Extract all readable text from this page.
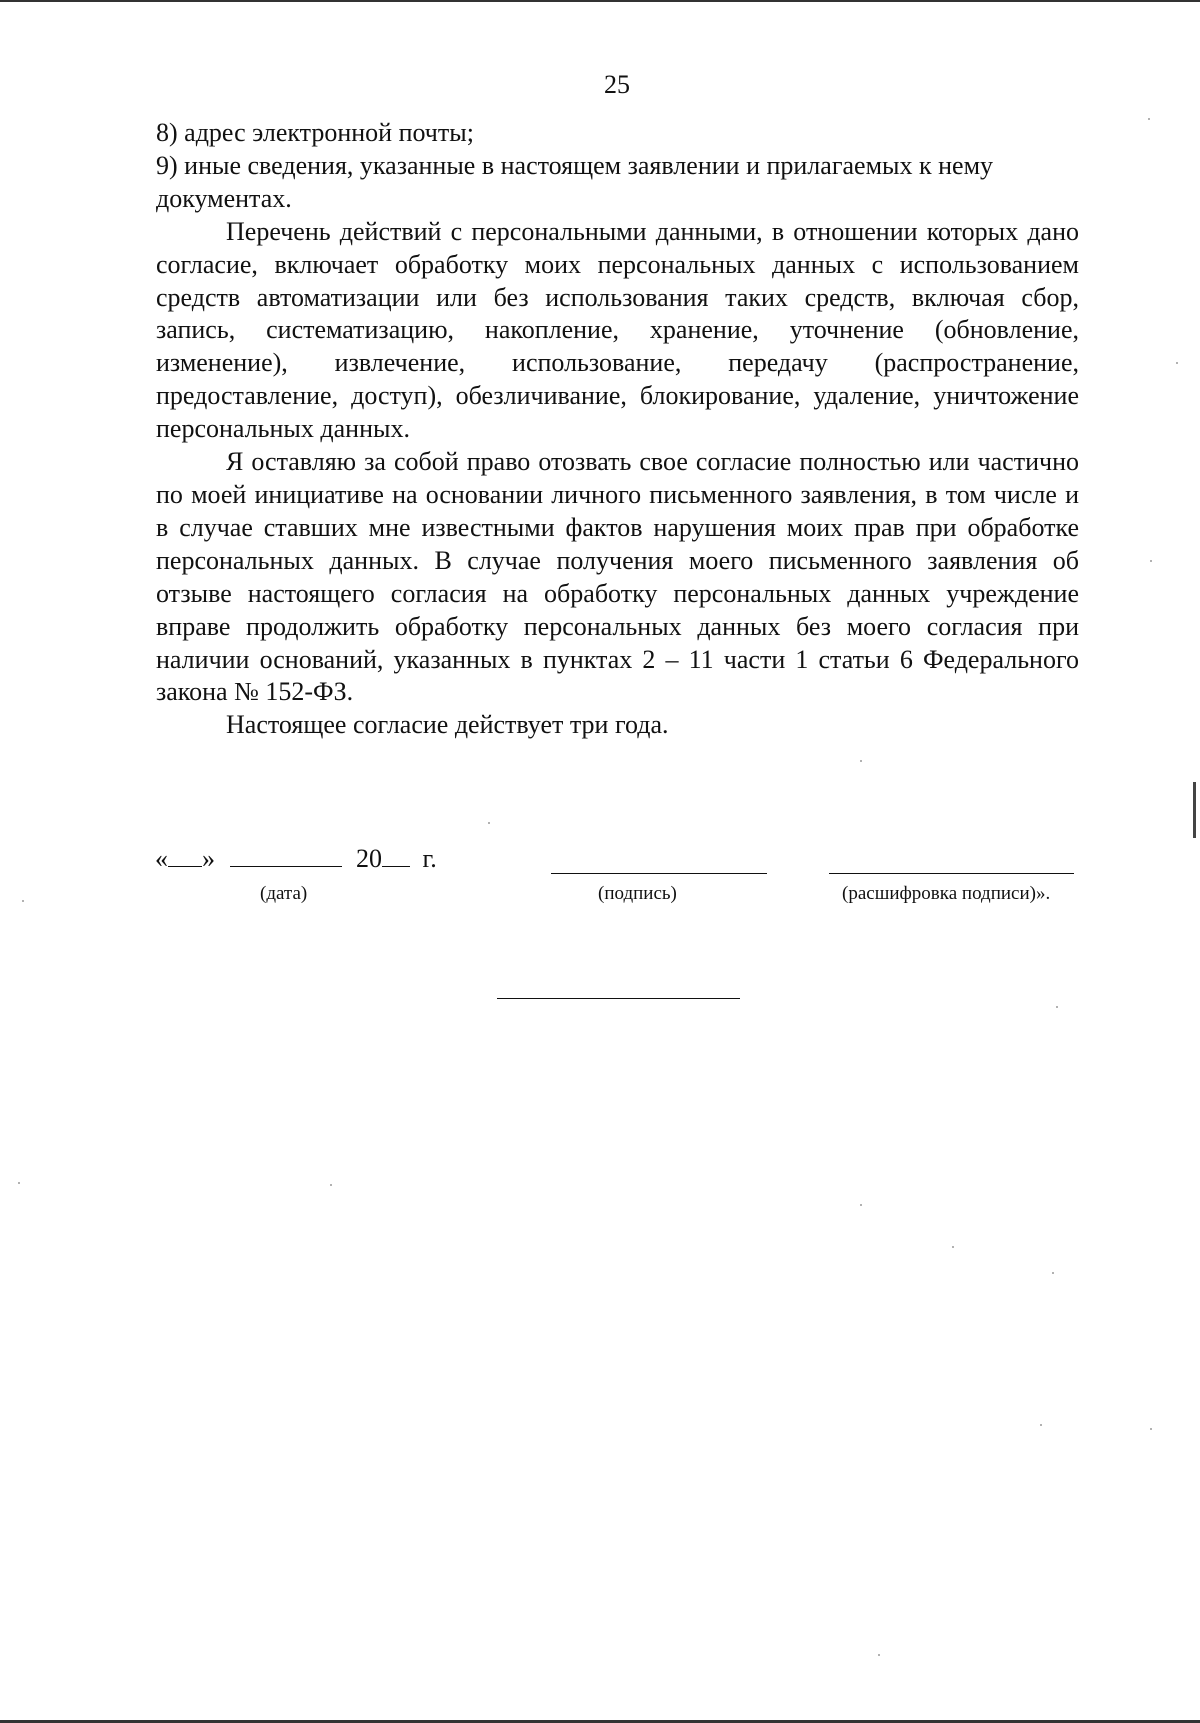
25

8) адрес электронной почты;

9) иные сведения, указанные в настоящем заявлении и прилагаемых к нему документах.

Перечень действий с персональными данными, в отношении которых дано согласие, включает обработку моих персональных данных с использованием средств автоматизации или без использования таких средств, включая сбор, запись, систематизацию, накопление, хранение, уточнение (обновление, изменение), извлечение, использование, передачу (распространение, предоставление, доступ), обезличивание, блокирование, удаление, уничтожение персональных данных.

Я оставляю за собой право отозвать свое согласие полностью или частично по моей инициативе на основании личного письменного заявления, в том числе и в случае ставших мне известными фактов нарушения моих прав при обработке персональных данных. В случае получения моего письменного заявления об отзыве настоящего согласия на обработку персональных данных учреждение вправе продолжить обработку персональных данных без моего согласия при наличии оснований, указанных в пунктах 2 – 11 части 1 статьи 6 Федерального закона № 152-ФЗ.

Настоящее согласие действует три года.

« »	20 г.
(дата)	(подпись)	(расшифровка подписи)».
